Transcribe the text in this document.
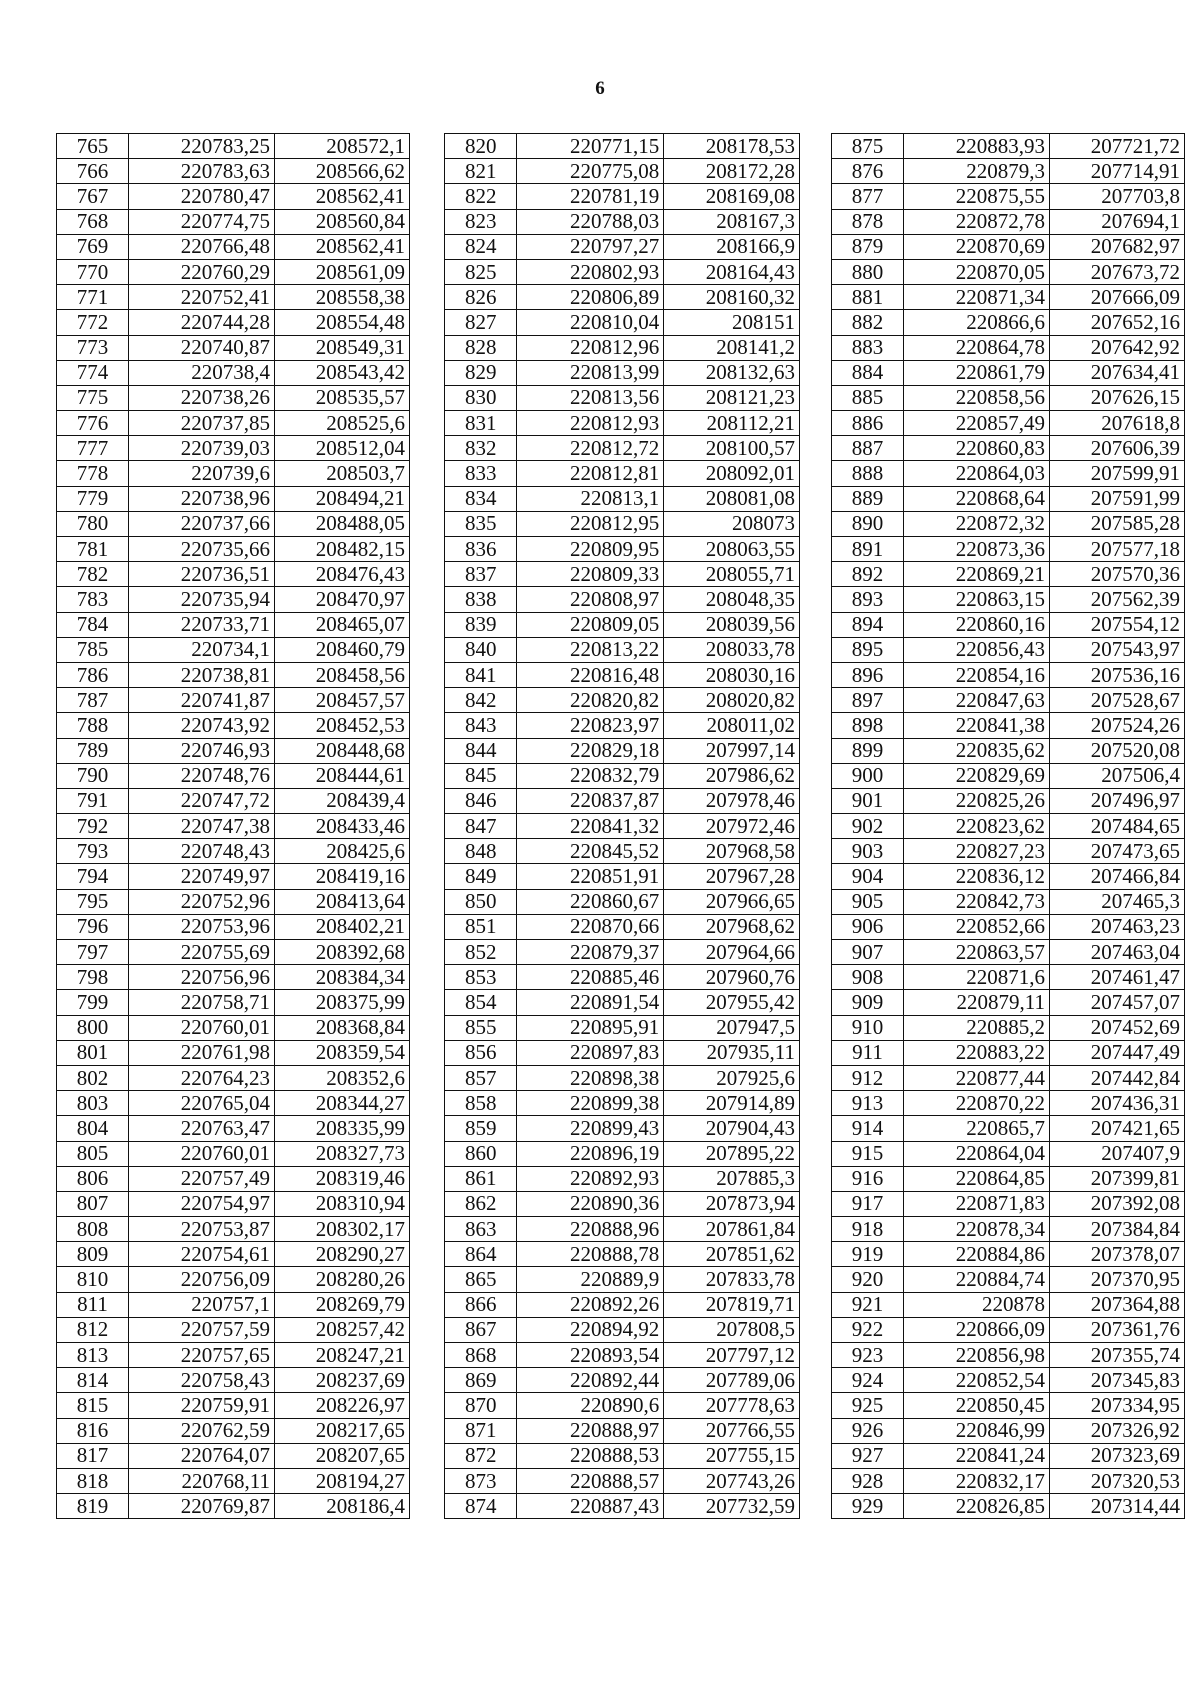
6
765	220783,25	208572,1
766	220783,63	208566,62
767	220780,47	208562,41
768	220774,75	208560,84
769	220766,48	208562,41
770	220760,29	208561,09
771	220752,41	208558,38
772	220744,28	208554,48
773	220740,87	208549,31
774	220738,4	208543,42
775	220738,26	208535,57
776	220737,85	208525,6
777	220739,03	208512,04
778	220739,6	208503,7
779	220738,96	208494,21
780	220737,66	208488,05
781	220735,66	208482,15
782	220736,51	208476,43
783	220735,94	208470,97
784	220733,71	208465,07
785	220734,1	208460,79
786	220738,81	208458,56
787	220741,87	208457,57
788	220743,92	208452,53
789	220746,93	208448,68
790	220748,76	208444,61
791	220747,72	208439,4
792	220747,38	208433,46
793	220748,43	208425,6
794	220749,97	208419,16
795	220752,96	208413,64
796	220753,96	208402,21
797	220755,69	208392,68
798	220756,96	208384,34
799	220758,71	208375,99
800	220760,01	208368,84
801	220761,98	208359,54
802	220764,23	208352,6
803	220765,04	208344,27
804	220763,47	208335,99
805	220760,01	208327,73
806	220757,49	208319,46
807	220754,97	208310,94
808	220753,87	208302,17
809	220754,61	208290,27
810	220756,09	208280,26
811	220757,1	208269,79
812	220757,59	208257,42
813	220757,65	208247,21
814	220758,43	208237,69
815	220759,91	208226,97
816	220762,59	208217,65
817	220764,07	208207,65
818	220768,11	208194,27
819	220769,87	208186,4
820	220771,15	208178,53
821	220775,08	208172,28
822	220781,19	208169,08
823	220788,03	208167,3
824	220797,27	208166,9
825	220802,93	208164,43
826	220806,89	208160,32
827	220810,04	208151
828	220812,96	208141,2
829	220813,99	208132,63
830	220813,56	208121,23
831	220812,93	208112,21
832	220812,72	208100,57
833	220812,81	208092,01
834	220813,1	208081,08
835	220812,95	208073
836	220809,95	208063,55
837	220809,33	208055,71
838	220808,97	208048,35
839	220809,05	208039,56
840	220813,22	208033,78
841	220816,48	208030,16
842	220820,82	208020,82
843	220823,97	208011,02
844	220829,18	207997,14
845	220832,79	207986,62
846	220837,87	207978,46
847	220841,32	207972,46
848	220845,52	207968,58
849	220851,91	207967,28
850	220860,67	207966,65
851	220870,66	207968,62
852	220879,37	207964,66
853	220885,46	207960,76
854	220891,54	207955,42
855	220895,91	207947,5
856	220897,83	207935,11
857	220898,38	207925,6
858	220899,38	207914,89
859	220899,43	207904,43
860	220896,19	207895,22
861	220892,93	207885,3
862	220890,36	207873,94
863	220888,96	207861,84
864	220888,78	207851,62
865	220889,9	207833,78
866	220892,26	207819,71
867	220894,92	207808,5
868	220893,54	207797,12
869	220892,44	207789,06
870	220890,6	207778,63
871	220888,97	207766,55
872	220888,53	207755,15
873	220888,57	207743,26
874	220887,43	207732,59
875	220883,93	207721,72
876	220879,3	207714,91
877	220875,55	207703,8
878	220872,78	207694,1
879	220870,69	207682,97
880	220870,05	207673,72
881	220871,34	207666,09
882	220866,6	207652,16
883	220864,78	207642,92
884	220861,79	207634,41
885	220858,56	207626,15
886	220857,49	207618,8
887	220860,83	207606,39
888	220864,03	207599,91
889	220868,64	207591,99
890	220872,32	207585,28
891	220873,36	207577,18
892	220869,21	207570,36
893	220863,15	207562,39
894	220860,16	207554,12
895	220856,43	207543,97
896	220854,16	207536,16
897	220847,63	207528,67
898	220841,38	207524,26
899	220835,62	207520,08
900	220829,69	207506,4
901	220825,26	207496,97
902	220823,62	207484,65
903	220827,23	207473,65
904	220836,12	207466,84
905	220842,73	207465,3
906	220852,66	207463,23
907	220863,57	207463,04
908	220871,6	207461,47
909	220879,11	207457,07
910	220885,2	207452,69
911	220883,22	207447,49
912	220877,44	207442,84
913	220870,22	207436,31
914	220865,7	207421,65
915	220864,04	207407,9
916	220864,85	207399,81
917	220871,83	207392,08
918	220878,34	207384,84
919	220884,86	207378,07
920	220884,74	207370,95
921	220878	207364,88
922	220866,09	207361,76
923	220856,98	207355,74
924	220852,54	207345,83
925	220850,45	207334,95
926	220846,99	207326,92
927	220841,24	207323,69
928	220832,17	207320,53
929	220826,85	207314,44
